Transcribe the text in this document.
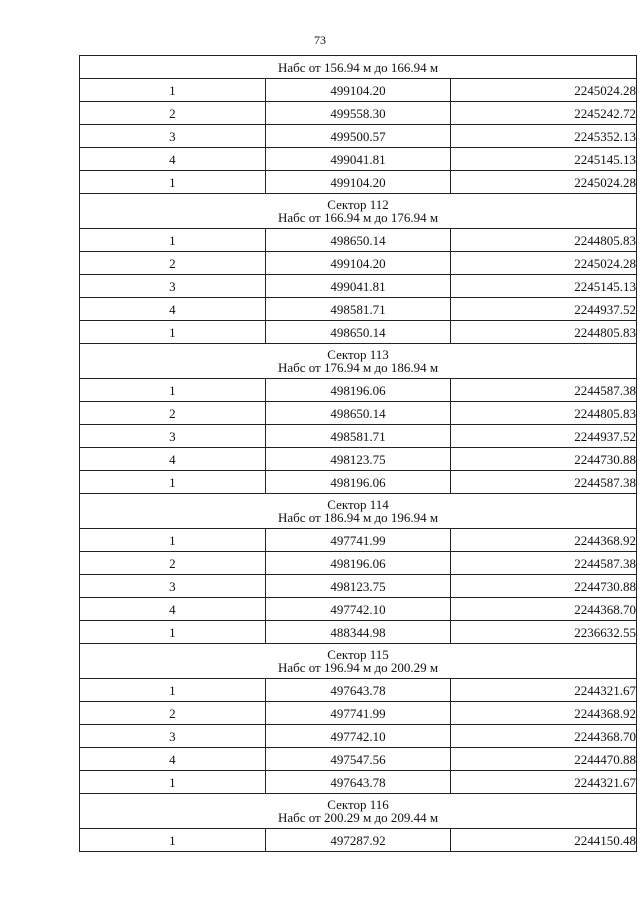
73
Набс от 156.94 м до 166.94 м		

1	499104.20	2245024.28
2	499558.30	2245242.72
3	499500.57	2245352.13
4	499041.81	2245145.13
1	499104.20	2245024.28

Сектор 112
Набс от 166.94 м до 176.94 м		

1	498650.14	2244805.83
2	499104.20	2245024.28
3	499041.81	2245145.13
4	498581.71	2244937.52
1	498650.14	2244805.83

Сектор 113
Набс от 176.94 м до 186.94 м		

1	498196.06	2244587.38
2	498650.14	2244805.83
3	498581.71	2244937.52
4	498123.75	2244730.88
1	498196.06	2244587.38

Сектор 114
Набс от 186.94 м до 196.94 м		

1	497741.99	2244368.92
2	498196.06	2244587.38
3	498123.75	2244730.88
4	497742.10	2244368.70
1	488344.98	2236632.55

Сектор 115
Набс от 196.94 м до 200.29 м		

1	497643.78	2244321.67
2	497741.99	2244368.92
3	497742.10	2244368.70
4	497547.56	2244470.88
1	497643.78	2244321.67

Сектор 116
Набс от 200.29 м до 209.44 м		

1	497287.92	2244150.48
